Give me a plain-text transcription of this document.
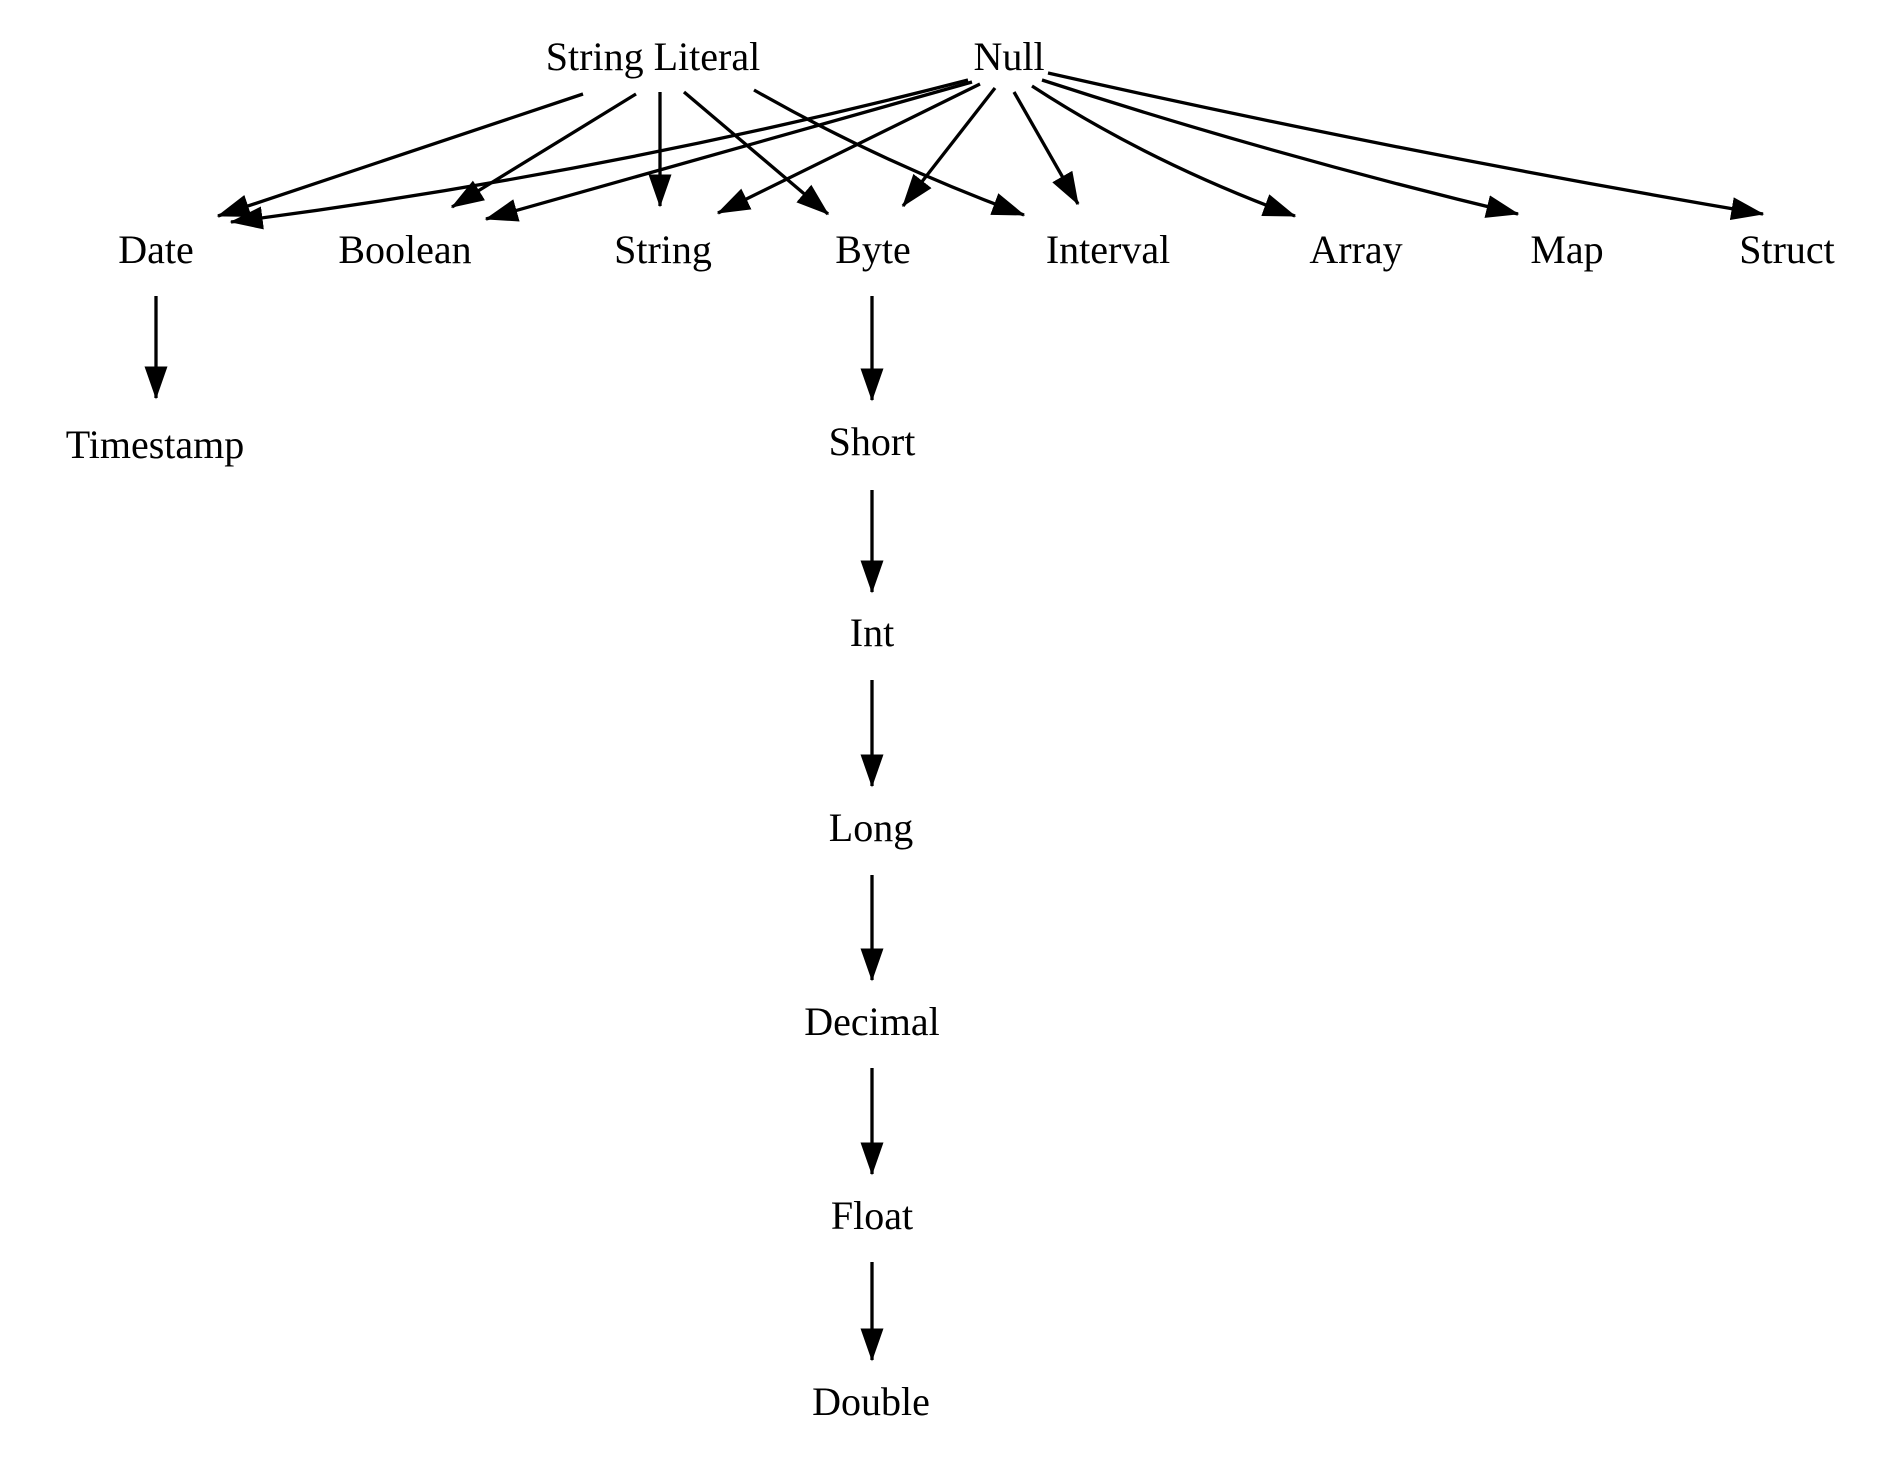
String Literal	Null
Date	Boolean	String	Byte	Interval	Array	Map	Struct
Timestamp	Short
Int
Long
Decimal
Float
Double
